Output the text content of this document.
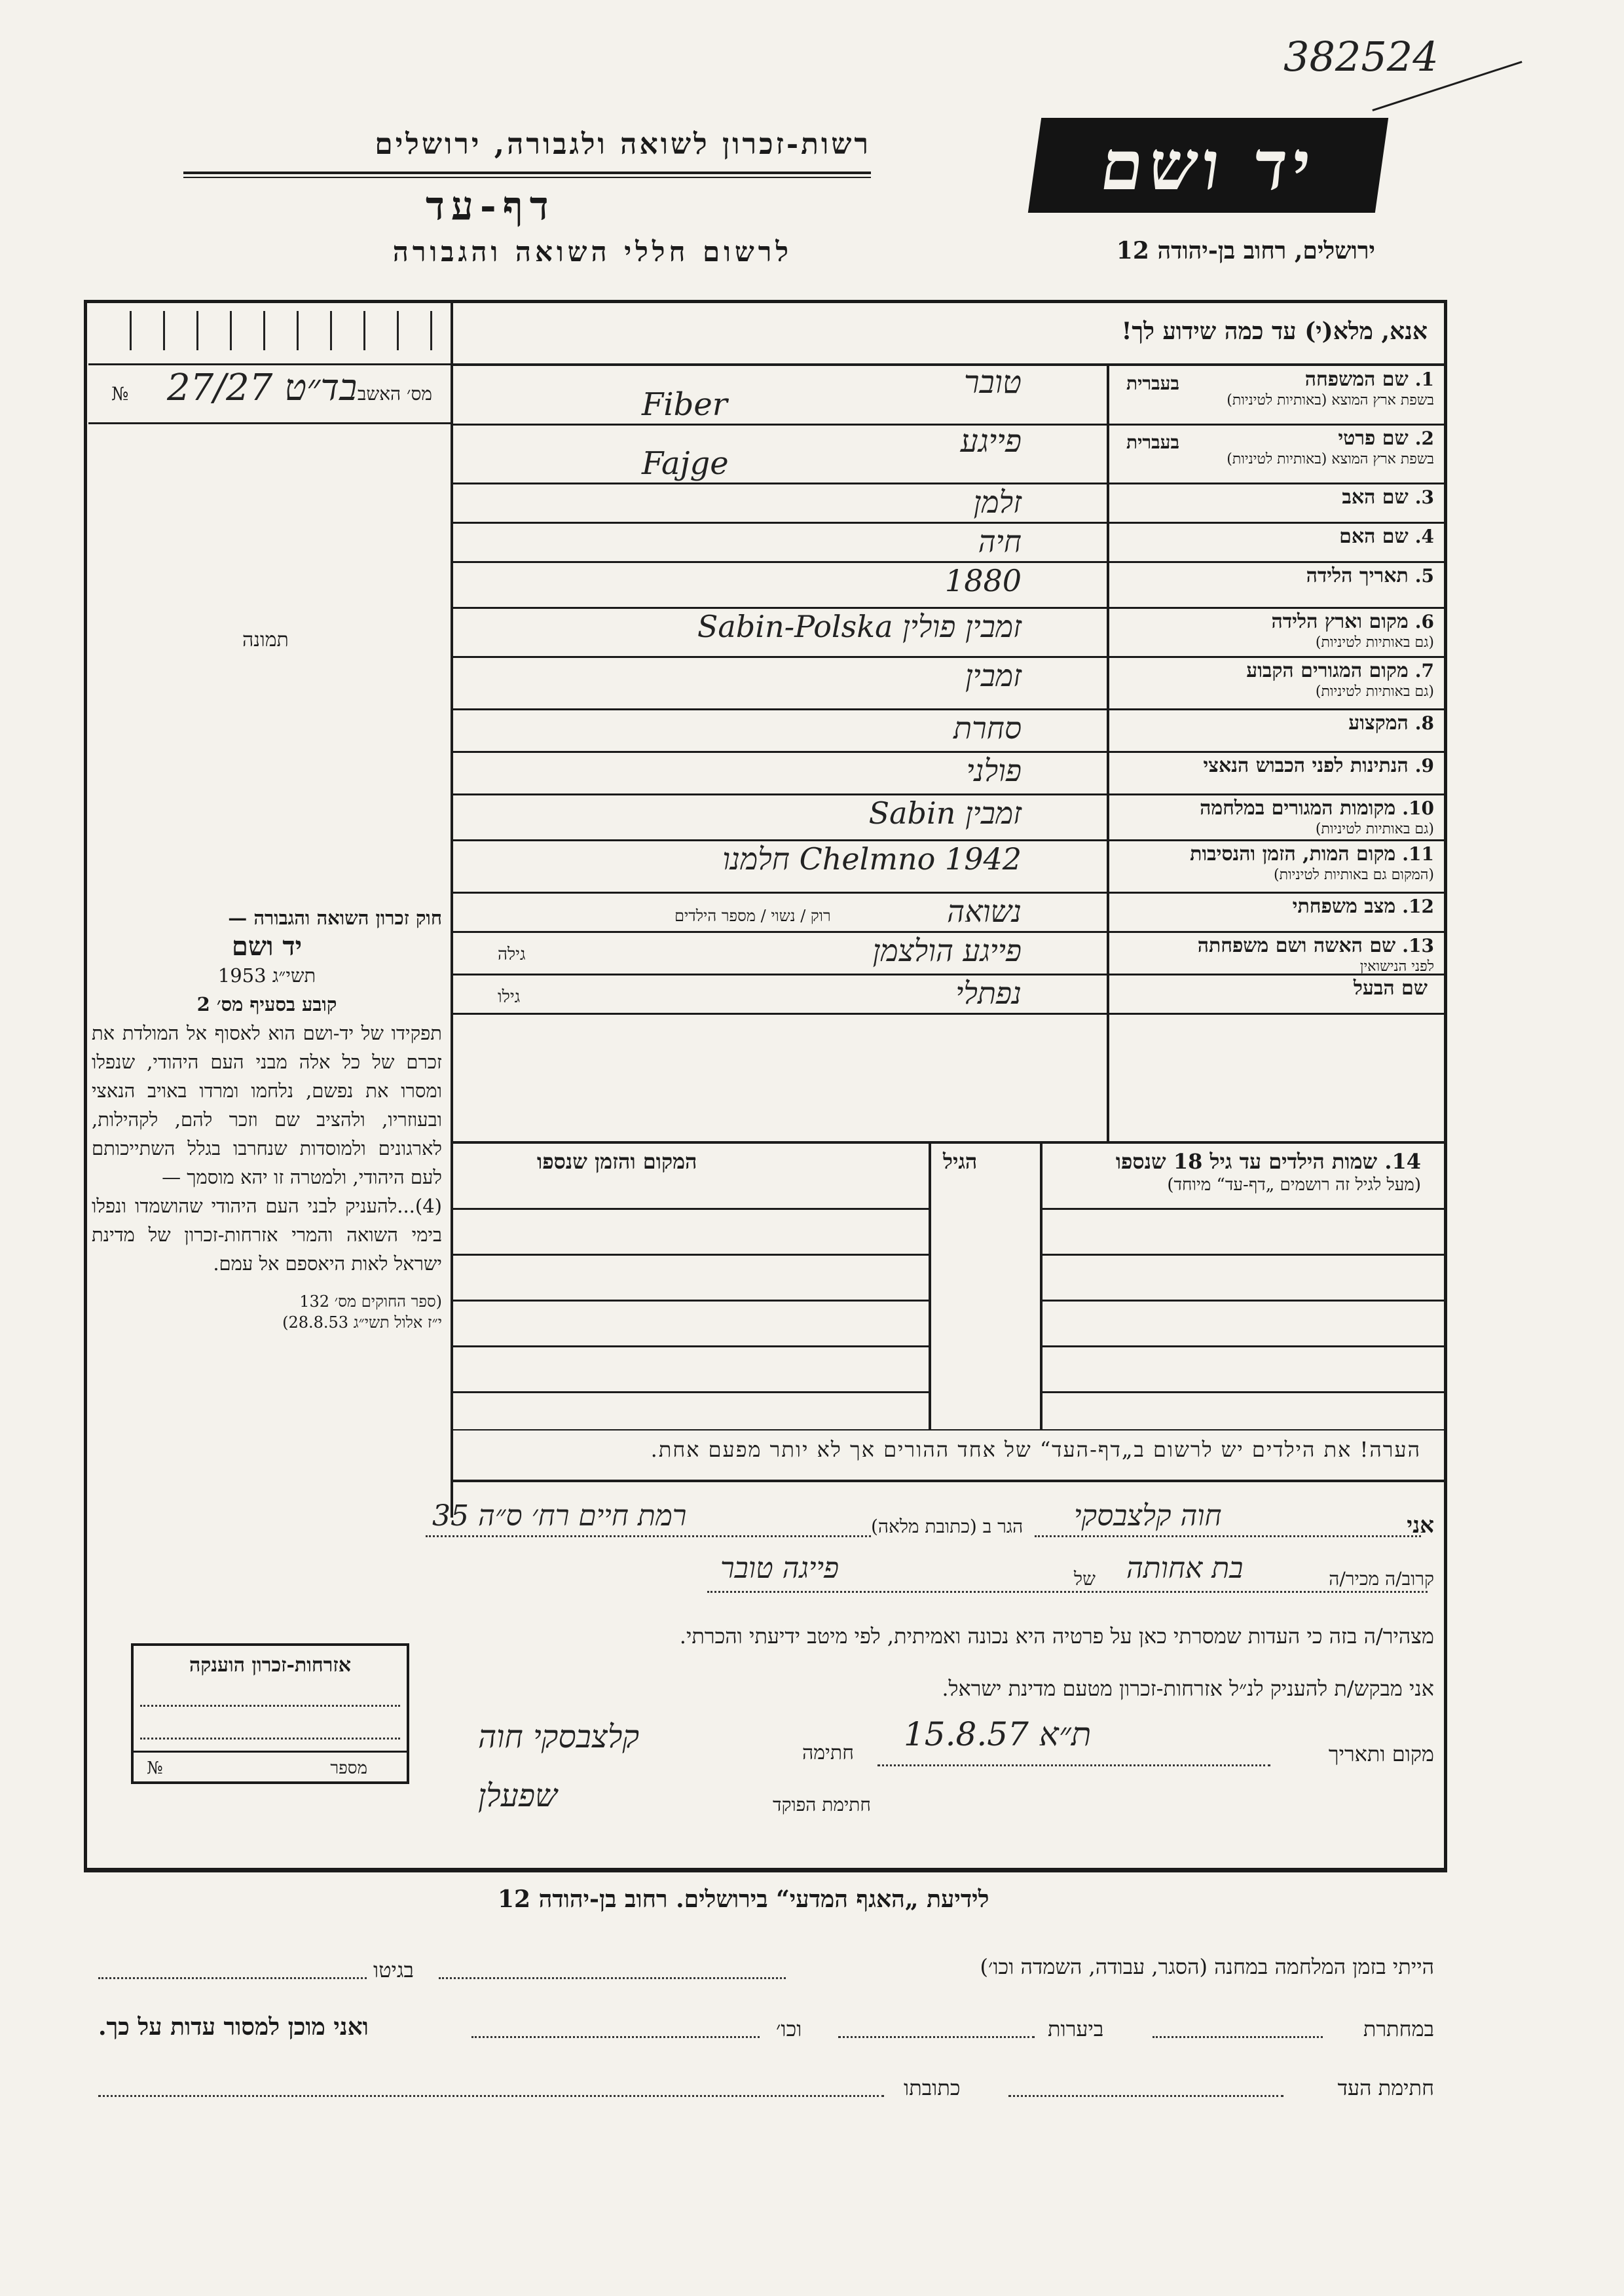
382524
רשות-זכרון לשואה ולגבורה, ירושלים
דף-עד
לרשום חללי השואה והגבורה
יד ושם
ירושלים, רחוב בן-יהודה 12
אנא, מלא(י) עד כמה שידוע לך!
מס׳ האשב
№ בד״ט 27/27
תמונה
1.שם המשפחה
בשפת ארץ המוצא (באותיות לטיניות)
בעברית
טובר
Fiber
2.שם פרטי
בשפת ארץ המוצא (באותיות לטיניות)
בעברית
פייגע
Fajge
3.שם האב
זלמן
4.שם האם
חיה
5.תאריך הלידה
1880
6.מקום וארץ הלידה
(גם באותיות לטיניות)
זמבין פולין Sabin-Polska
7.מקום המגורים הקבוע
(גם באותיות לטיניות)
זמבין
8.המקצוע
סחרת
9.הנתינות לפני הכבוש הנאצי
פולני
10.מקומות המגורים במלחמה
(גם באותיות לטיניות)
זמבין Sabin
11.מקום המות, הזמן והנסיבות
(המקום גם באותיות לטיניות)
Chelmno 1942 חלמנו
12.מצב משפחתי
נשואה
רוק / נשוי / מספר הילדים
13.שם האשה ושם משפחתה
לפני הנישואין
פייגע הולצמן
גילה
שם הבעל
נפתלי
גילו
14. שמות הילדים עד גיל 18 שנספו
(מעל לגיל זה רושמים „דף-עד“ מיוחד)
הגיל
המקום והזמן שנספו
הערה! את הילדים יש לרשום ב„דף-העד“ של אחד ההורים אך לא יותר מפעם אחת.
חוק זכרון השואה והגבורה —
יד ושם
תשי״ג 1953
קובע בסעיף מס׳ 2
תפקידו של יד-ושם הוא לאסוף אל המולדת את זכרם של כל אלה מבני העם היהודי, שנפלו ומסרו את נפשם, נלחמו ומרדו באויב הנאצי ובעוזריו, ולהציב שם וזכר להם, לקהילות, לארגונים ולמוסדות שנחרבו בגלל השתייכותם לעם היהודי, ולמטרה זו יהא מוסמך —
(4)...להעניק לבני העם היהודי שהושמדו ונפלו בימי השואה והמרי אזרחות-זכרון של מדינת ישראל לאות היאספם אל עמם.
(ספר החוקים מס׳ 132
י״ז אלול תשי״ג 28.8.53)
אני
חוה קלצבסקי
הגר ב (כתובת מלאה)
רמת חיים רח׳ ס״ה 35
קרוב/ה מכיר/ה
בת אחותה
של
פייגה טובר
מצהיר/ה בזה כי העדות שמסרתי כאן על פרטיה היא נכונה ואמיתית, לפי מיטב ידיעתי והכרתי.
אני מבקש/ת להעניק לנ״ל אזרחות-זכרון מטעם מדינת ישראל.
מקום ותאריך
ת״א 15.8.57
חתימה
קלצבסקי חוה
חתימת הפוקד
שפעלן
אזרחות-זכרון הוענקה
מספר
№
לידיעת „האגף המדעי“ בירושלים. רחוב בן-יהודה 12
הייתי בזמן המלחמה במחנה (הסגר, עבודה, השמדה וכו׳)
בגיטו
במחתרת
ביערות
וכו׳
ואני מוכן למסור עדות על כך.
חתימת העד
כתובתו
